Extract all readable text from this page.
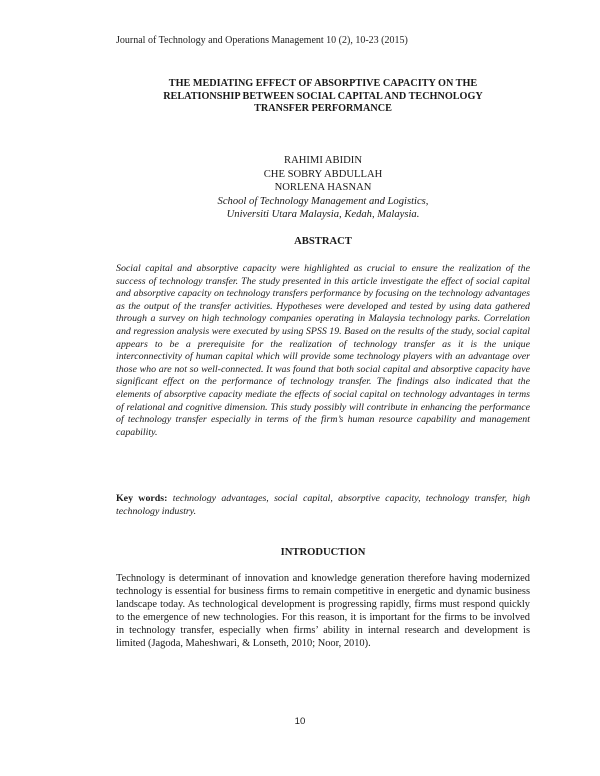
Journal of Technology and Operations Management 10 (2), 10-23 (2015)
THE MEDIATING EFFECT OF ABSORPTIVE CAPACITY ON THE
RELATIONSHIP BETWEEN SOCIAL CAPITAL AND TECHNOLOGY
TRANSFER PERFORMANCE
RAHIMI ABIDIN
CHE SOBRY ABDULLAH
NORLENA HASNAN
School of Technology Management and Logistics,
Universiti Utara Malaysia, Kedah, Malaysia.
ABSTRACT
Social capital and absorptive capacity were highlighted as crucial to ensure the realization of the success of technology transfer. The study presented in this article investigate the effect of social capital and absorptive capacity on technology transfers performance by focusing on the technology advantages as the output of the transfer activities. Hypotheses were developed and tested by using data gathered through a survey on high technology companies operating in Malaysia technology parks. Correlation and regression analysis were executed by using SPSS 19. Based on the results of the study, social capital appears to be a prerequisite for the realization of technology transfer as it is the unique interconnectivity of human capital which will provide some technology players with an advantage over those who are not so well-connected. It was found that both social capital and absorptive capacity have significant effect on the performance of technology transfer. The findings also indicated that the elements of absorptive capacity mediate the effects of social capital on technology advantages in terms of relational and cognitive dimension. This study possibly will contribute in enhancing the performance of technology transfer especially in terms of the firm’s human resource capability and management capability.
Key words: technology advantages, social capital, absorptive capacity, technology transfer, high technology industry.
INTRODUCTION
Technology is determinant of innovation and knowledge generation therefore having modernized technology is essential for business firms to remain competitive in energetic and dynamic business landscape today. As technological development is progressing rapidly, firms must respond quickly to the emergence of new technologies. For this reason, it is important for the firms to be involved in technology transfer, especially when firms’ ability in internal research and development is limited (Jagoda, Maheshwari, & Lonseth, 2010; Noor, 2010).
10
